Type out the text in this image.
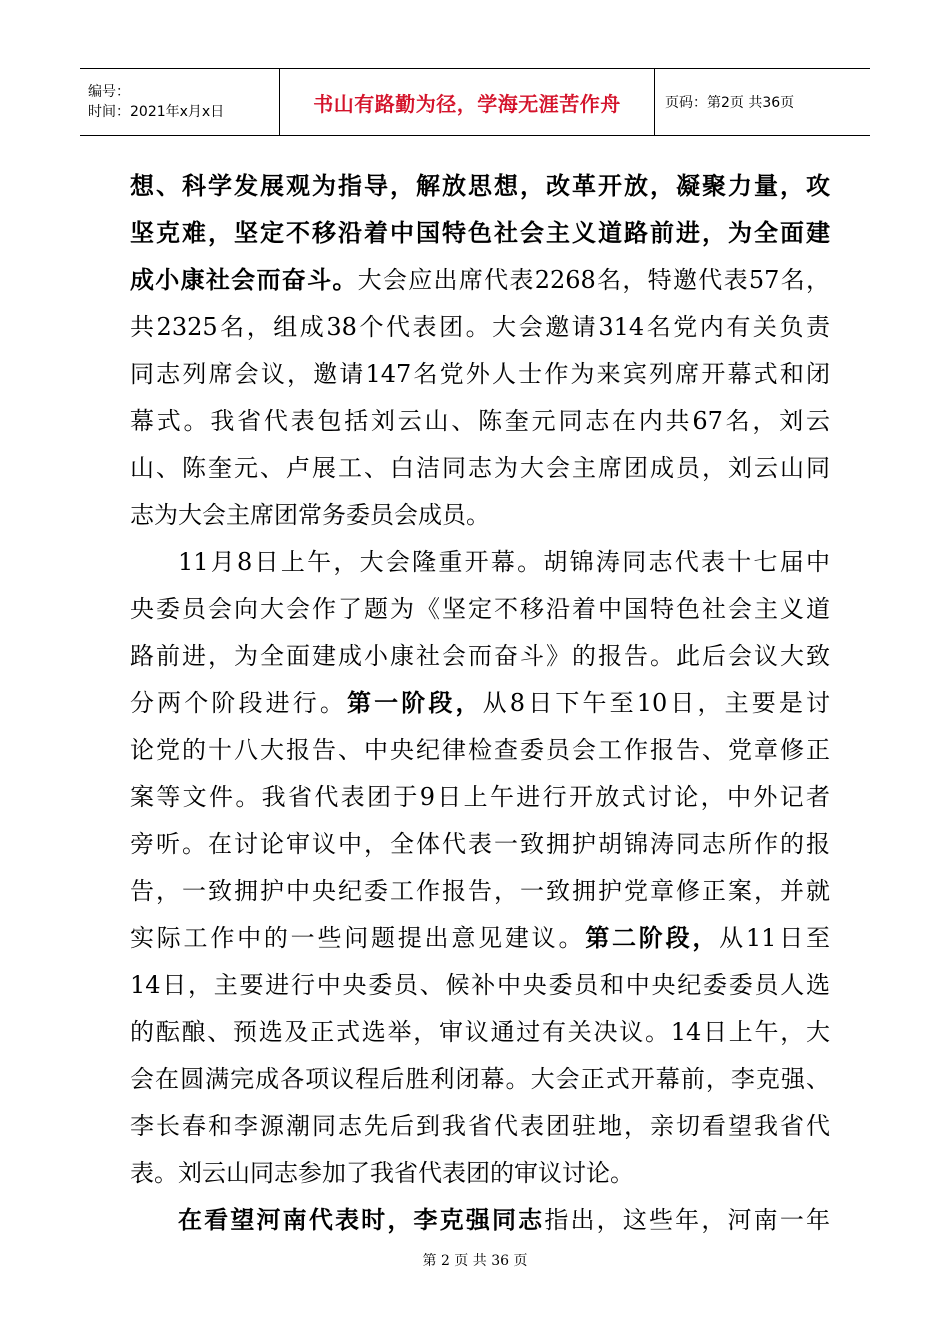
编号：
时间：2021年x月x日	书山有路勤为径，学海无涯苦作舟	页码：第2页 共36页
想、科学发展观为指导，解放思想，改革开放，凝聚力量，攻
坚克难，坚定不移沿着中国特色社会主义道路前进，为全面建
成小康社会而奋斗。大会应出席代表2268名，特邀代表57名，
共2325名，组成38个代表团。大会邀请314名党内有关负责
同志列席会议，邀请147名党外人士作为来宾列席开幕式和闭
幕式。我省代表包括刘云山、陈奎元同志在内共67名，刘云
山、陈奎元、卢展工、白洁同志为大会主席团成员，刘云山同
志为大会主席团常务委员会成员。
11月8日上午，大会隆重开幕。胡锦涛同志代表十七届中
央委员会向大会作了题为《坚定不移沿着中国特色社会主义道
路前进，为全面建成小康社会而奋斗》的报告。此后会议大致
分两个阶段进行。第一阶段，从8日下午至10日，主要是讨
论党的十八大报告、中央纪律检查委员会工作报告、党章修正
案等文件。我省代表团于9日上午进行开放式讨论，中外记者
旁听。在讨论审议中，全体代表一致拥护胡锦涛同志所作的报
告，一致拥护中央纪委工作报告，一致拥护党章修正案，并就
实际工作中的一些问题提出意见建议。第二阶段，从11日至
14日，主要进行中央委员、候补中央委员和中央纪委委员人选
的酝酿、预选及正式选举，审议通过有关决议。14日上午，大
会在圆满完成各项议程后胜利闭幕。大会正式开幕前，李克强、
李长春和李源潮同志先后到我省代表团驻地，亲切看望我省代
表。刘云山同志参加了我省代表团的审议讨论。
在看望河南代表时，李克强同志指出，这些年，河南一年
第 2 页 共 36 页
